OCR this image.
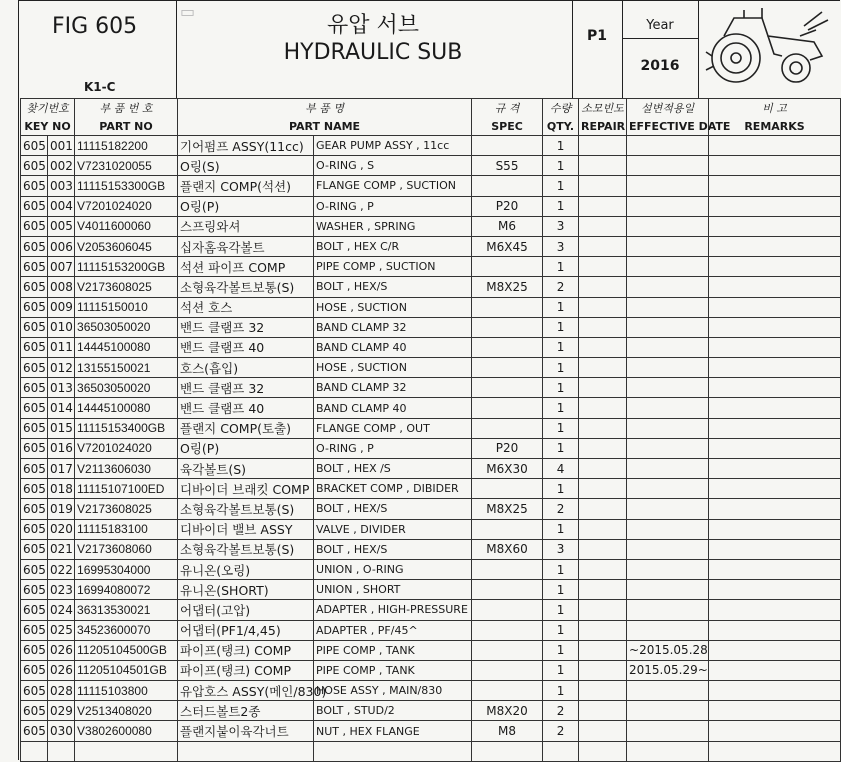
▭

FIG 605
K1-C
유압 서브
HYDRAULIC SUB
P1
Year
2016
찾기번호		부 품 번 호	부 품 명		규 격	수량	소모빈도	설변적용일	비 고
KEY NO		PART NO	PART NAME		SPEC	QTY.	REPAIR	EFFECTIVE DATE	REMARKS
605	001	11115182200	기어펌프 ASSY(11cc)	GEAR PUMP ASSY , 11cc		1			
605	002	V7231020055	O링(S)	O-RING , S	S55	1			
605	003	11115153300GB	플랜지 COMP(석션)	FLANGE COMP , SUCTION		1			
605	004	V7201024020	O링(P)	O-RING , P	P20	1			
605	005	V4011600060	스프링와셔	WASHER , SPRING	M6	3			
605	006	V2053606045	십자홈육각볼트	BOLT , HEX C/R	M6X45	3			
605	007	11115153200GB	석션 파이프 COMP	PIPE COMP , SUCTION		1			
605	008	V2173608025	소형육각볼트보통(S)	BOLT , HEX/S	M8X25	2			
605	009	11115150010	석션 호스	HOSE , SUCTION		1			
605	010	36503050020	밴드 클램프 32	BAND CLAMP 32		1			
605	011	14445100080	밴드 클램프 40	BAND CLAMP 40		1			
605	012	13155150021	호스(흡입)	HOSE , SUCTION		1			
605	013	36503050020	밴드 클램프 32	BAND CLAMP 32		1			
605	014	14445100080	밴드 클램프 40	BAND CLAMP 40		1			
605	015	11115153400GB	플랜지 COMP(토출)	FLANGE COMP , OUT		1			
605	016	V7201024020	O링(P)	O-RING , P	P20	1			
605	017	V2113606030	육각볼트(S)	BOLT , HEX /S	M6X30	4			
605	018	11115107100ED	디바이더 브래킷 COMP	BRACKET COMP , DIBIDER		1			
605	019	V2173608025	소형육각볼트보통(S)	BOLT , HEX/S	M8X25	2			
605	020	11115183100	디바이더 밸브 ASSY	VALVE , DIVIDER		1			
605	021	V2173608060	소형육각볼트보통(S)	BOLT , HEX/S	M8X60	3			
605	022	16995304000	유니온(오링)	UNION , O-RING		1			
605	023	16994080072	유니온(SHORT)	UNION , SHORT		1			
605	024	36313530021	어댑터(고압)	ADAPTER , HIGH-PRESSURE		1			
605	025	34523600070	어댑터(PF1/4,45)	ADAPTER , PF/45^		1			
605	026	11205104500GB	파이프(탱크) COMP	PIPE COMP , TANK		1		~2015.05.28	
605	026	11205104501GB	파이프(탱크) COMP	PIPE COMP , TANK		1		2015.05.29~	
605	028	11115103800	유압호스 ASSY(메인/830)	HOSE ASSY , MAIN/830		1			
605	029	V2513408020	스터드볼트2종	BOLT , STUD/2	M8X20	2			
605	030	V3802600080	플랜지붙이육각너트	NUT , HEX FLANGE	M8	2			
